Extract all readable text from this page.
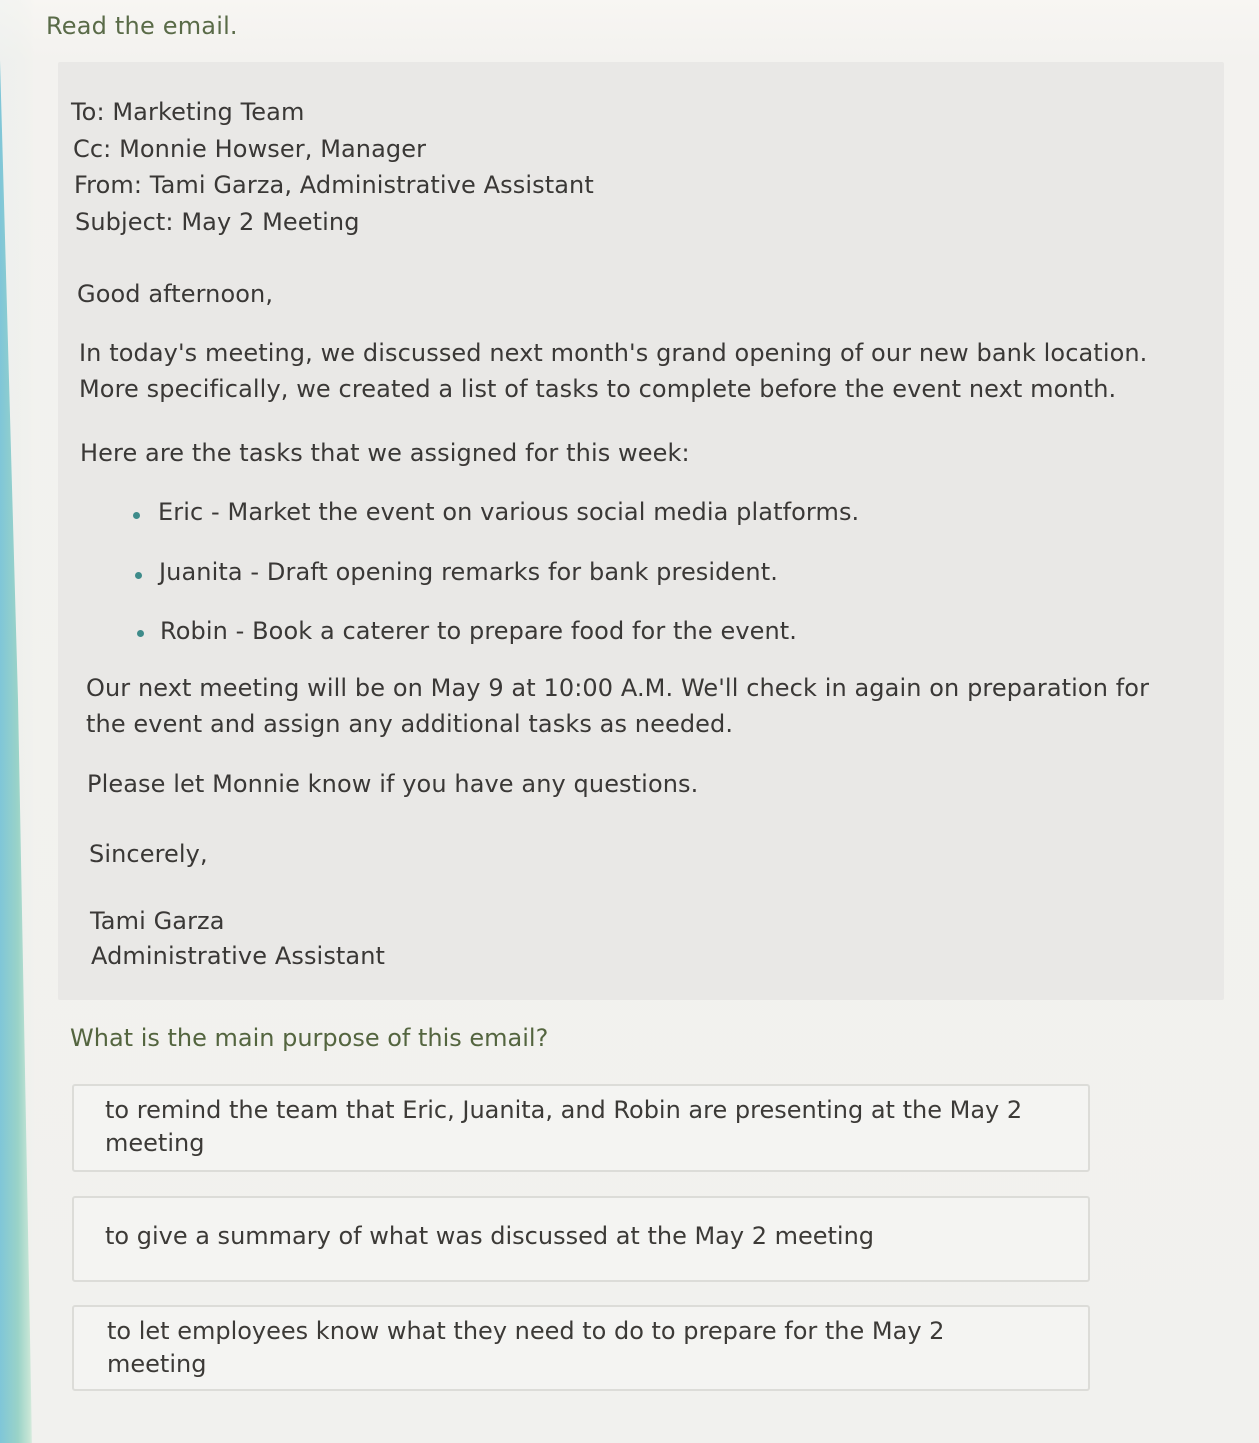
Read the email.
To: Marketing Team
Cc: Monnie Howser, Manager
From: Tami Garza, Administrative Assistant
Subject: May 2 Meeting
Good afternoon,
In today's meeting, we discussed next month's grand opening of our new bank location.
More specifically, we created a list of tasks to complete before the event next month.
Here are the tasks that we assigned for this week:
Eric - Market the event on various social media platforms.
Juanita - Draft opening remarks for bank president.
Robin - Book a caterer to prepare food for the event.
Our next meeting will be on May 9 at 10:00 A.M. We'll check in again on preparation for
the event and assign any additional tasks as needed.
Please let Monnie know if you have any questions.
Sincerely,
Tami Garza
Administrative Assistant
What is the main purpose of this email?
to remind the team that Eric, Juanita, and Robin are presenting at the May 2
meeting
to give a summary of what was discussed at the May 2 meeting
to let employees know what they need to do to prepare for the May 2
meeting
